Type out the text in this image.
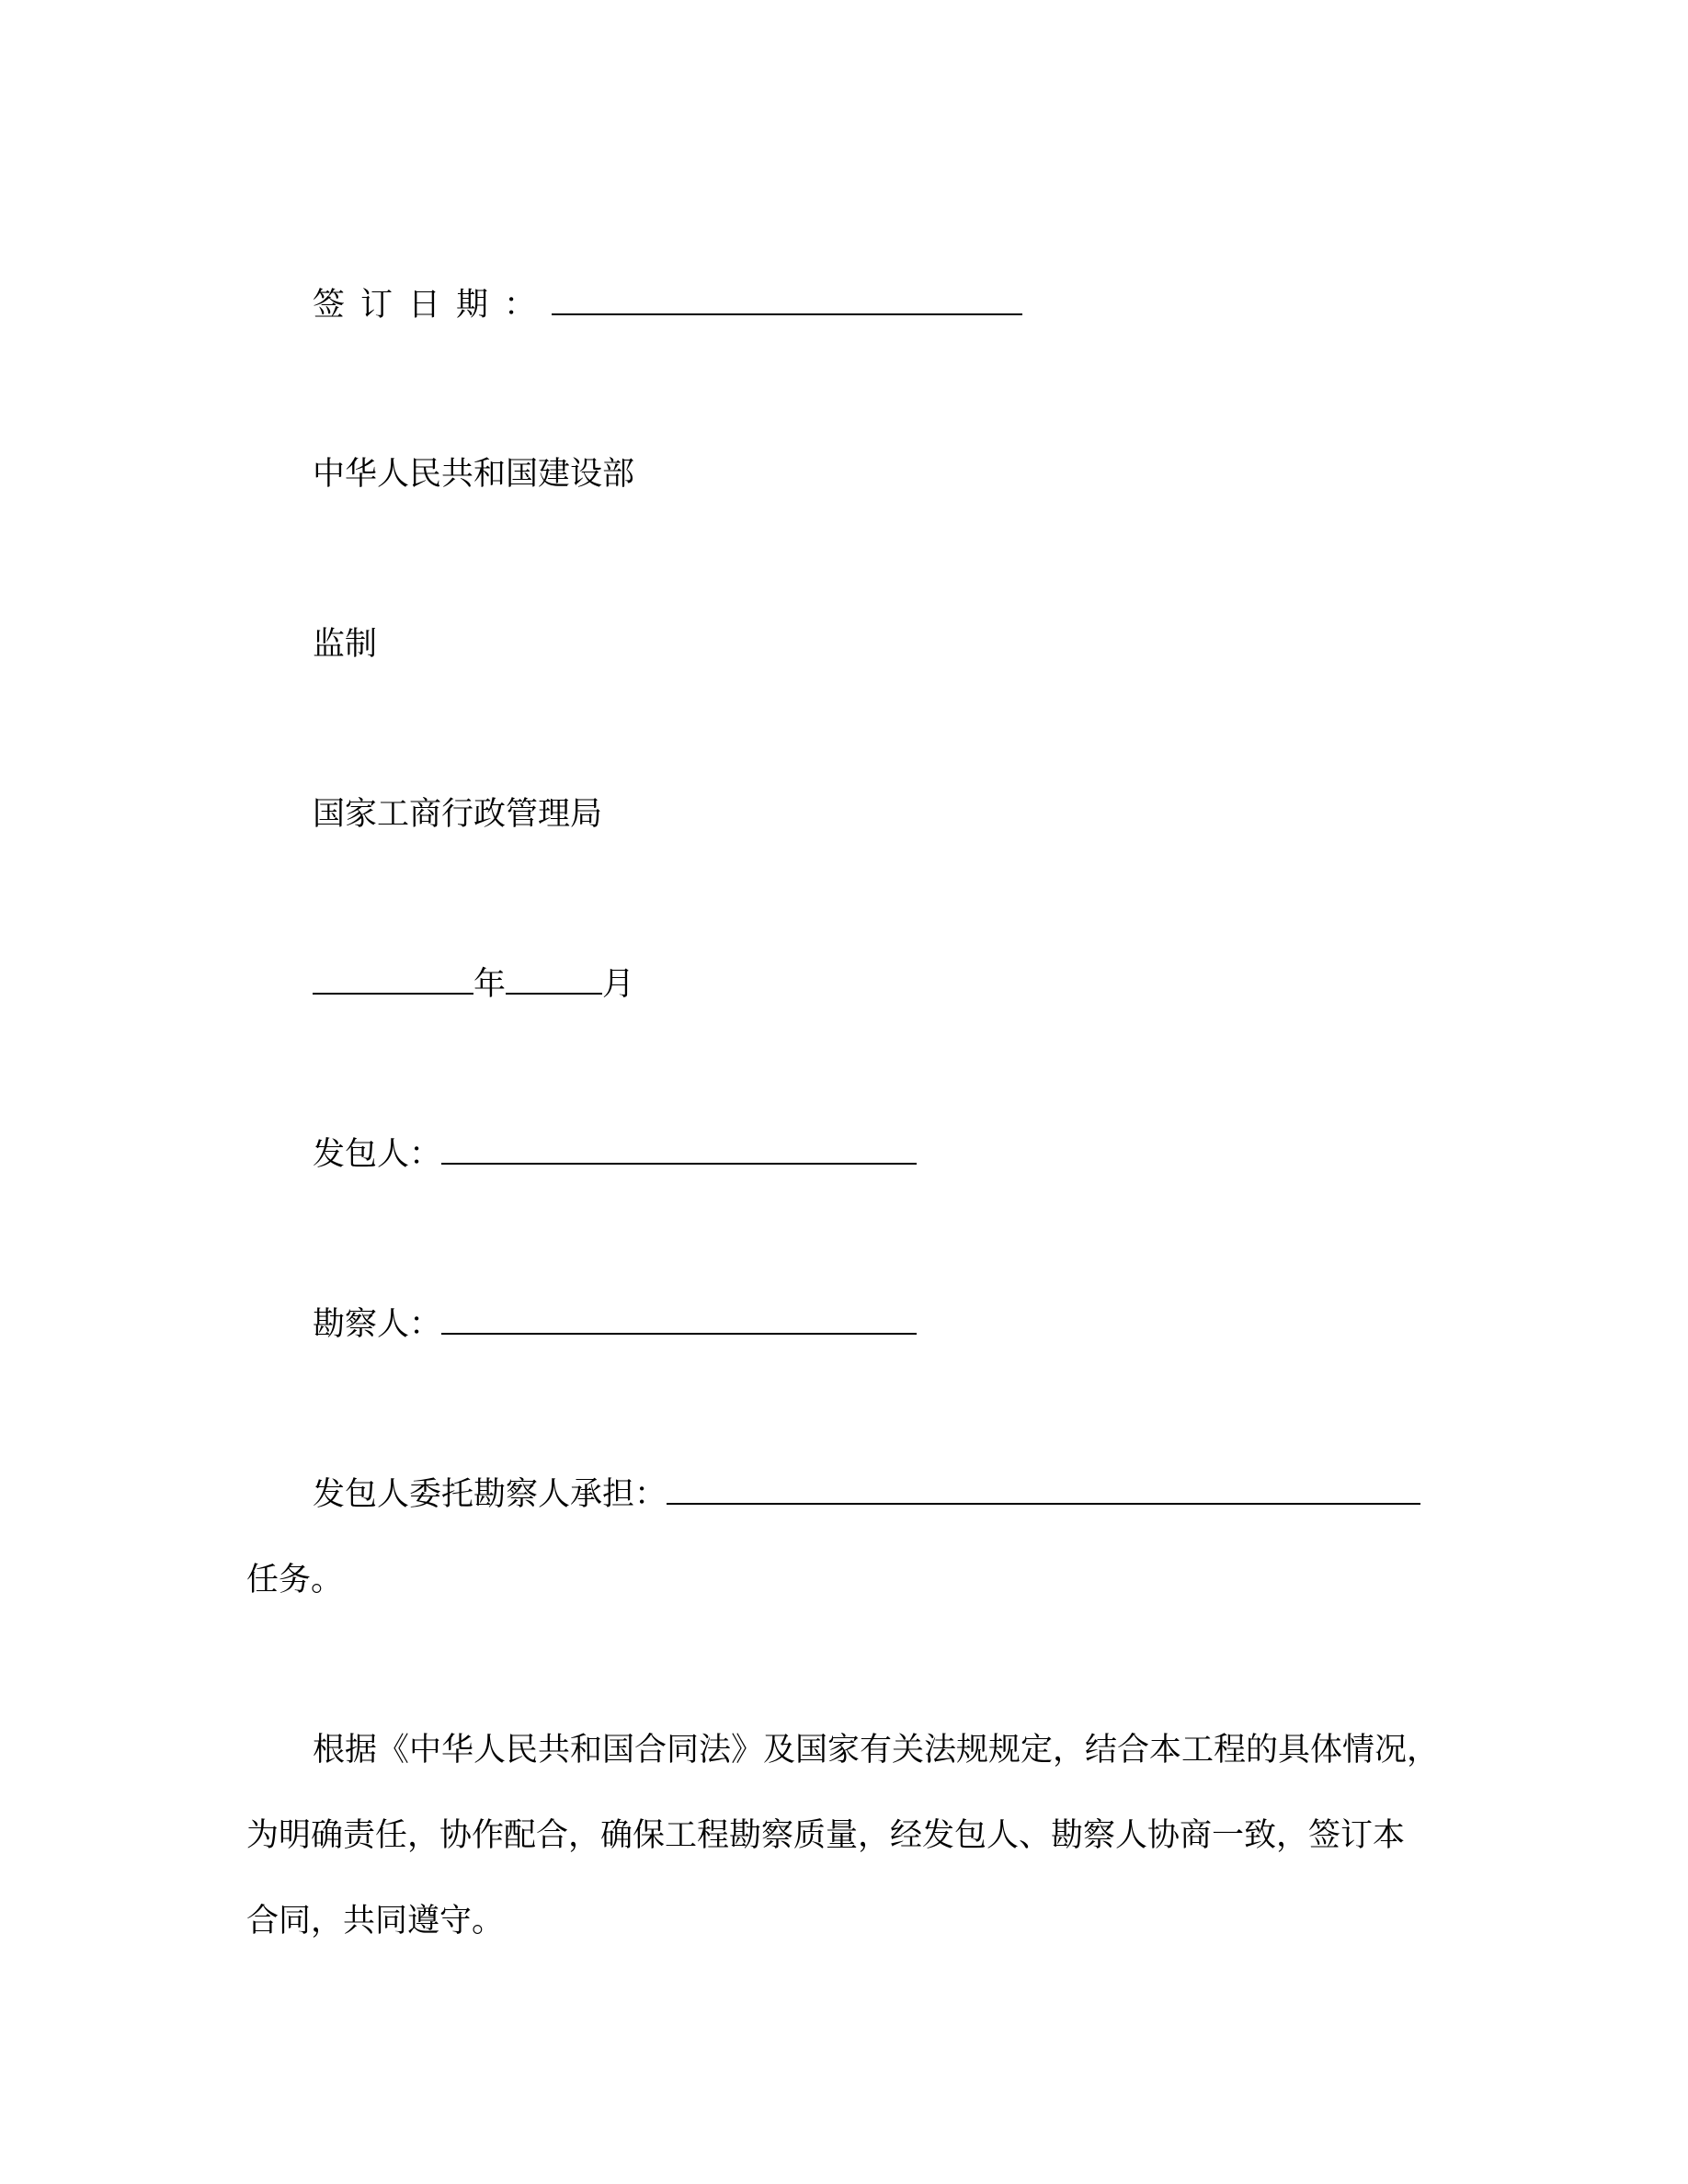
签订日期：
中华人民共和国建设部
监制
国家工商行政管理局
年	月
发包人：
勘察人：
发包人委托勘察人承担：
任务。
根据《中华人民共和国合同法》及国家有关法规规定，结合本工程的具体情况，
为明确责任，协作配合，确保工程勘察质量，经发包人、勘察人协商一致，签订本
合同，共同遵守。
